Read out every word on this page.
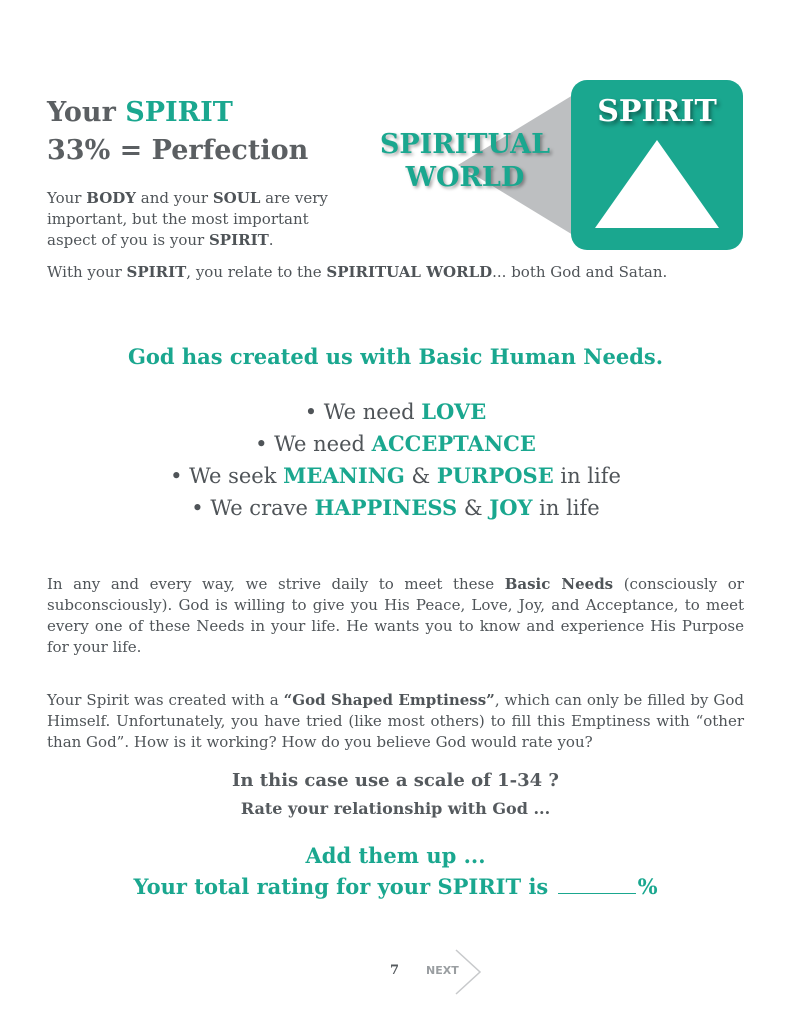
Your SPIRIT
33% = Perfection
Your BODY and your SOUL are very important, but the most important aspect of you is your SPIRIT.
With your SPIRIT, you relate to the SPIRITUAL WORLD... both God and Satan.
SPIRITUAL
WORLD
SPIRIT
God has created us with Basic Human Needs.
• We need LOVE
• We need ACCEPTANCE
• We seek MEANING & PURPOSE in life
• We crave HAPPINESS & JOY in life

In any and every way, we strive daily to meet these Basic Needs (consciously or subconsciously). God is willing to give you His Peace, Love, Joy, and Acceptance, to meet every one of these Needs in your life. He wants you to know and experience His Purpose for your life.

Your Spirit was created with a “God Shaped Emptiness”, which can only be filled by God Himself. Unfortunately, you have tried (like most others) to fill this Emptiness with “other than God”. How is it working? How do you believe God would rate you?

In this case use a scale of 1-34 ?
Rate your relationship with God ...
Add them up ...
Your total rating for your SPIRIT is	%
7 NEXT
